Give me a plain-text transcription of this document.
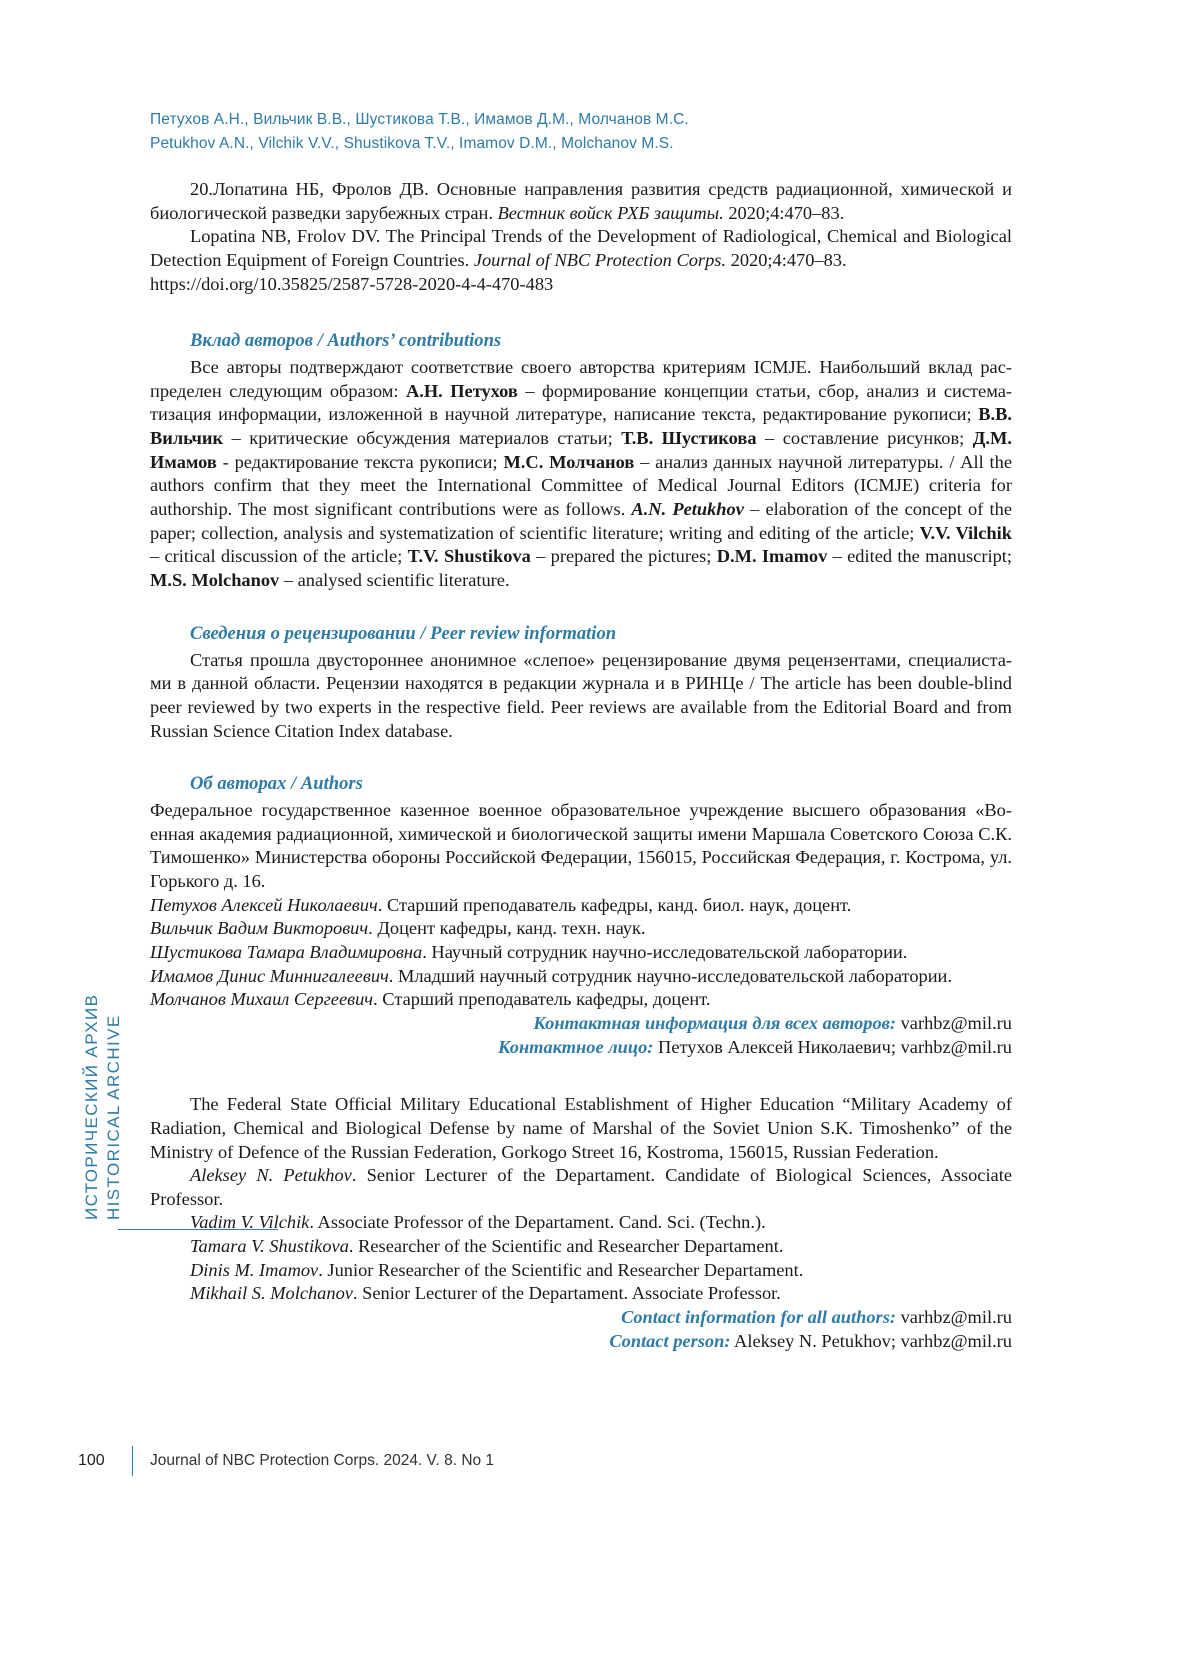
Петухов А.Н., Вильчик В.В., Шустикова Т.В., Имамов Д.М., Молчанов М.С.
Petukhov A.N., Vilchik V.V., Shustikova T.V., Imamov D.M., Molchanov M.S.
ИСТОРИЧЕСКИЙ АРХИВ HISTORICAL ARCHIVE

20.Лопатина НБ, Фролов ДВ. Основные направления развития средств радиационной, химической и биологической разведки зарубежных стран. Вестник войск РХБ защиты. 2020;4:470–83.

Lopatina NB, Frolov DV. The Principal Trends of the Development of Radiological, Chemical and Biological Detection Equipment of Foreign Countries. Journal of NBC Protection Corps. 2020;4:470–83.

https://doi.org/10.35825/2587-5728-2020-4-4-470-483

Вклад авторов / Authors’ contributions

Все авторы подтверждают соответствие своего авторства критериям ICMJE. Наибольший вклад рас-пределен следующим образом: А.Н. Петухов – формирование концепции статьи, сбор, анализ и система-тизация информации, изложенной в научной литературе, написание текста, редактирование рукописи; В.В. Вильчик – критические обсуждения материалов статьи; Т.В. Шустикова – составление рисунков; Д.М. Имамов - редактирование текста рукописи; М.С. Молчанов – анализ данных научной литературы. / All the authors confirm that they meet the International Committee of Medical Journal Editors (ICMJE) criteria for authorship. The most significant contributions were as follows. A.N. Petukhov – elaboration of the concept of the paper; collection, analysis and systematization of scientific literature; writing and editing of the article; V.V. Vilchik – critical discussion of the article; T.V. Shustikova – prepared the pictures; D.M. Imamov – edited the manuscript; M.S. Molchanov – analysed scientific literature.

Сведения о рецензировании / Peer review information

Статья прошла двустороннее анонимное «слепое» рецензирование двумя рецензентами, специалиста-ми в данной области. Рецензии находятся в редакции журнала и в РИНЦе / The article has been double-blind peer reviewed by two experts in the respective field. Peer reviews are available from the Editorial Board and from Russian Science Citation Index database.

Об авторах / Authors

Федеральное государственное казенное военное образовательное учреждение высшего образования «Во-енная академия радиационной, химической и биологической защиты имени Маршала Советского Союза С.К. Тимошенко» Министерства обороны Российской Федерации, 156015, Российская Федерация, г. Кострома, ул. Горького д. 16.

Петухов Алексей Николаевич. Старший преподаватель кафедры, канд. биол. наук, доцент.

Вильчик Вадим Викторович. Доцент кафедры, канд. техн. наук.

Шустикова Тамара Владимировна. Научный сотрудник научно-исследовательской лаборатории.

Имамов Динис Миннигалеевич. Младший научный сотрудник научно-исследовательской лаборатории.

Молчанов Михаил Сергеевич. Старший преподаватель кафедры, доцент.

Контактная информация для всех авторов: varhbz@mil.ru

Контактное лицо: Петухов Алексей Николаевич; varhbz@mil.ru

The Federal State Official Military Educational Establishment of Higher Education “Military Academy of Radiation, Chemical and Biological Defense by name of Marshal of the Soviet Union S.K. Timoshenko” of the Ministry of Defence of the Russian Federation, Gorkogo Street 16, Kostroma, 156015, Russian Federation.

Aleksey N. Petukhov. Senior Lecturer of the Departament. Candidate of Biological Sciences, Associate Professor.

Vadim V. Vilchik. Associate Professor of the Departament. Cand. Sci. (Techn.).

Tamara V. Shustikova. Researcher of the Scientific and Researcher Departament.

Dinis M. Imamov. Junior Researcher of the Scientific and Researcher Departament.

Mikhail S. Molchanov. Senior Lecturer of the Departament. Associate Professor.

Contact information for all authors: varhbz@mil.ru

Contact person: Aleksey N. Petukhov; varhbz@mil.ru

100	Journal of NBC Protection Corps. 2024. V. 8. No 1
